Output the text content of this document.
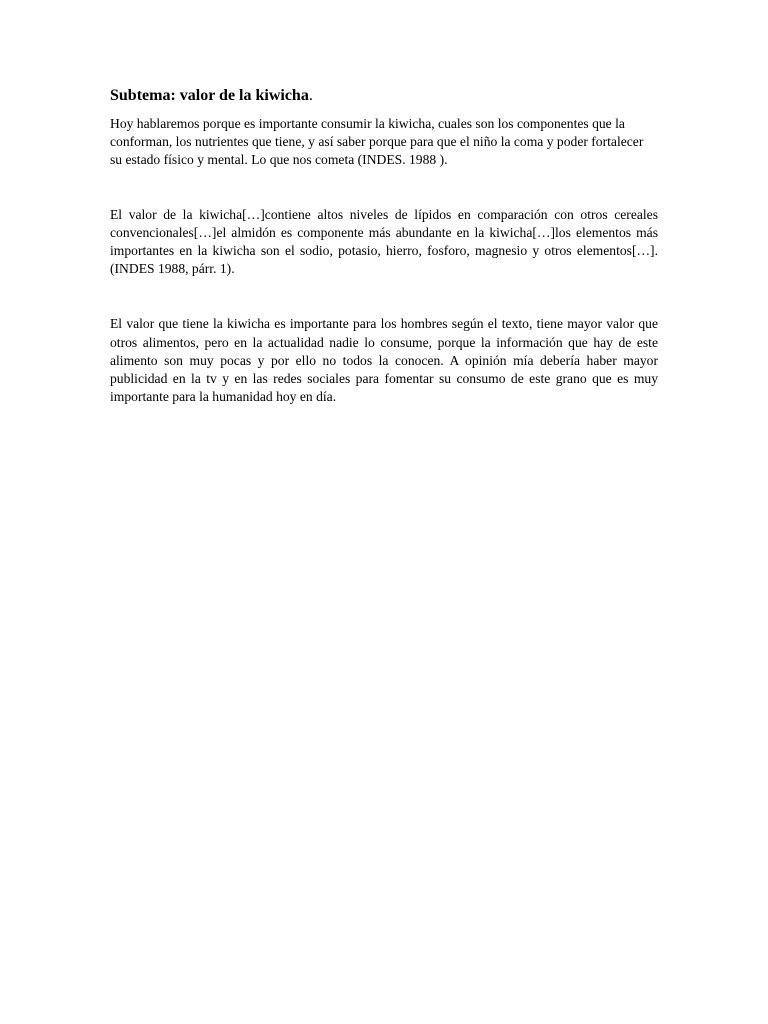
Subtema: valor de la kiwicha.

Hoy hablaremos porque es importante consumir la kiwicha, cuales son los componentes que la conforman, los nutrientes que tiene, y así saber porque para que el niño la coma y poder fortalecer su estado físico y mental. Lo que nos cometa (INDES. 1988 ).

El valor de la kiwicha[…]contiene altos niveles de lípidos en comparación con otros cereales convencionales[…]el almidón es componente más abundante en la kiwicha[…]los elementos más importantes en la kiwicha son el sodio, potasio, hierro, fosforo, magnesio y otros elementos[…].(INDES 1988, párr. 1).

El valor que tiene la kiwicha es importante para los hombres según el texto, tiene mayor valor que otros alimentos, pero en la actualidad nadie lo consume, porque la información que hay de este alimento son muy pocas y por ello no todos la conocen. A opinión mía debería haber mayor publicidad en la tv y en las redes sociales para fomentar su consumo de este grano que es muy importante para la humanidad hoy en día.
